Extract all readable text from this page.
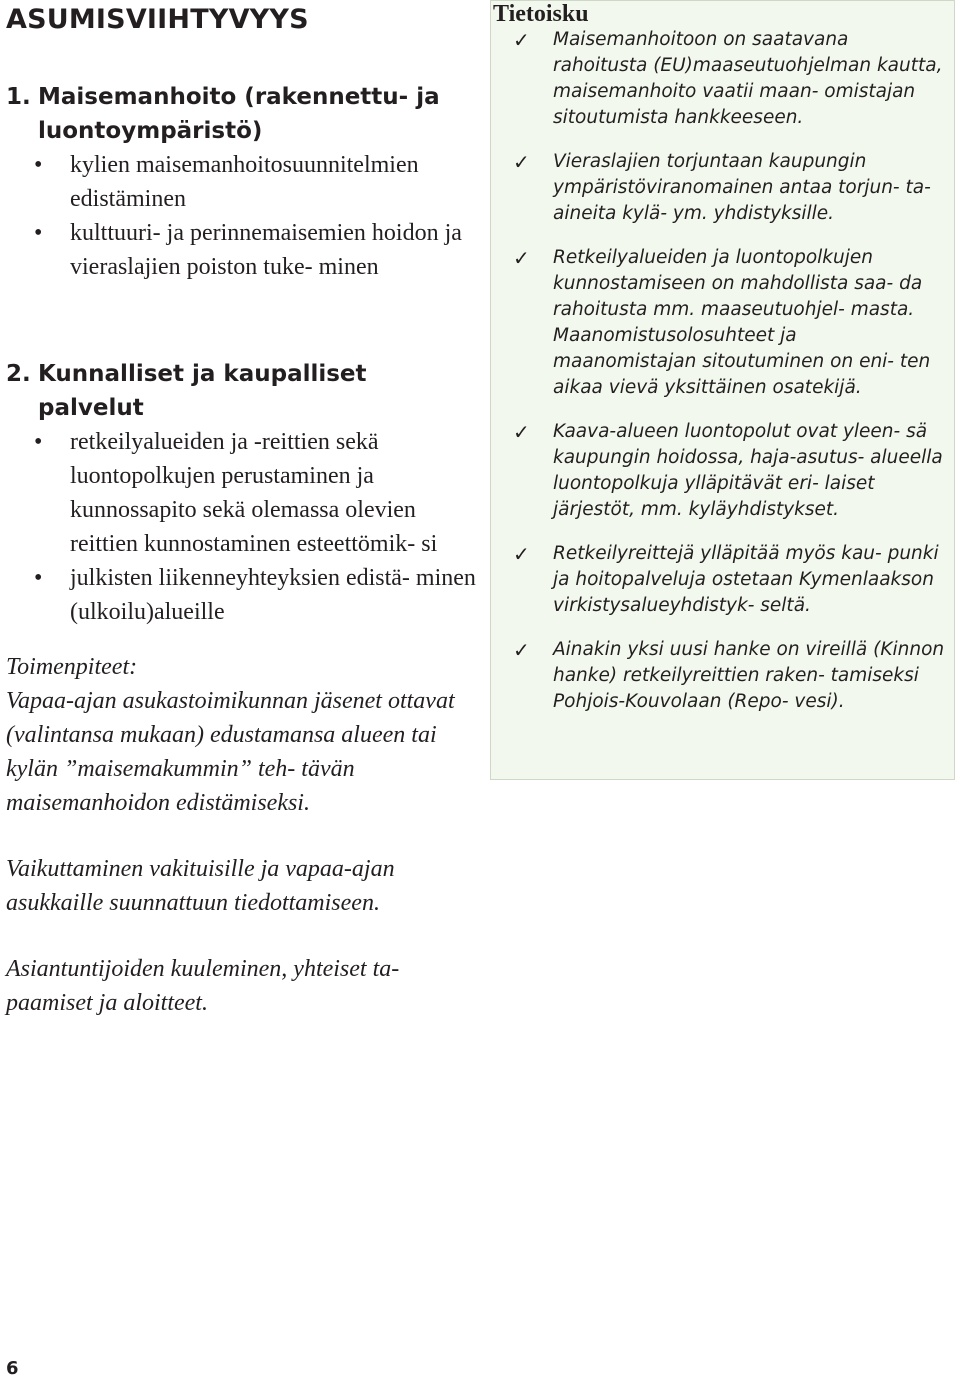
ASUMISVIIHTYVYYS
1. Maisemanhoito (rakennettu- ja luontoympäristö)
• kylien maisemanhoitosuunnitelmien edistäminen
• kulttuuri- ja perinnemaisemien hoidon ja vieraslajien poiston tuke- minen
2. Kunnalliset ja kaupalliset palvelut
• retkeilyalueiden ja -reittien sekä luontopolkujen perustaminen ja kunnossapito sekä olemassa olevien reittien kunnostaminen esteettömik- si
• julkisten liikenneyhteyksien edistä- minen (ulkoilu)alueille

Toimenpiteet:

Vapaa-ajan asukastoimikunnan jäsenet ottavat (valintansa mukaan) edustamansa alueen tai kylän ”maisemakummin” teh- tävän maisemanhoidon edistämiseksi.

Vaikuttaminen vakituisille ja vapaa-ajan asukkaille suunnattuun tiedottamiseen.

Asiantuntijoiden kuuleminen, yhteiset ta- paamiset ja aloitteet.

Tietoisku
✓ Maisemanhoitoon on saatavana rahoitusta (EU)maaseutuohjelman kautta, maisemanhoito vaatii maan- omistajan sitoutumista hankkeeseen.
✓ Vieraslajien torjuntaan kaupungin ympäristöviranomainen antaa torjun- ta-aineita kylä- ym. yhdistyksille.
✓ Retkeilyalueiden ja luontopolkujen kunnostamiseen on mahdollista saa- da rahoitusta mm. maaseutuohjel- masta. Maanomistusolosuhteet ja maanomistajan sitoutuminen on eni- ten aikaa vievä yksittäinen osatekijä.
✓ Kaava-alueen luontopolut ovat yleen- sä kaupungin hoidossa, haja-asutus- alueella luontopolkuja ylläpitävät eri- laiset järjestöt, mm. kyläyhdistykset.
✓ Retkeilyreittejä ylläpitää myös kau- punki ja hoitopalveluja ostetaan Kymenlaakson virkistysalueyhdistyk- seltä.
✓ Ainakin yksi uusi hanke on vireillä (Kinnon hanke) retkeilyreittien raken- tamiseksi Pohjois-Kouvolaan (Repo- vesi).
6
